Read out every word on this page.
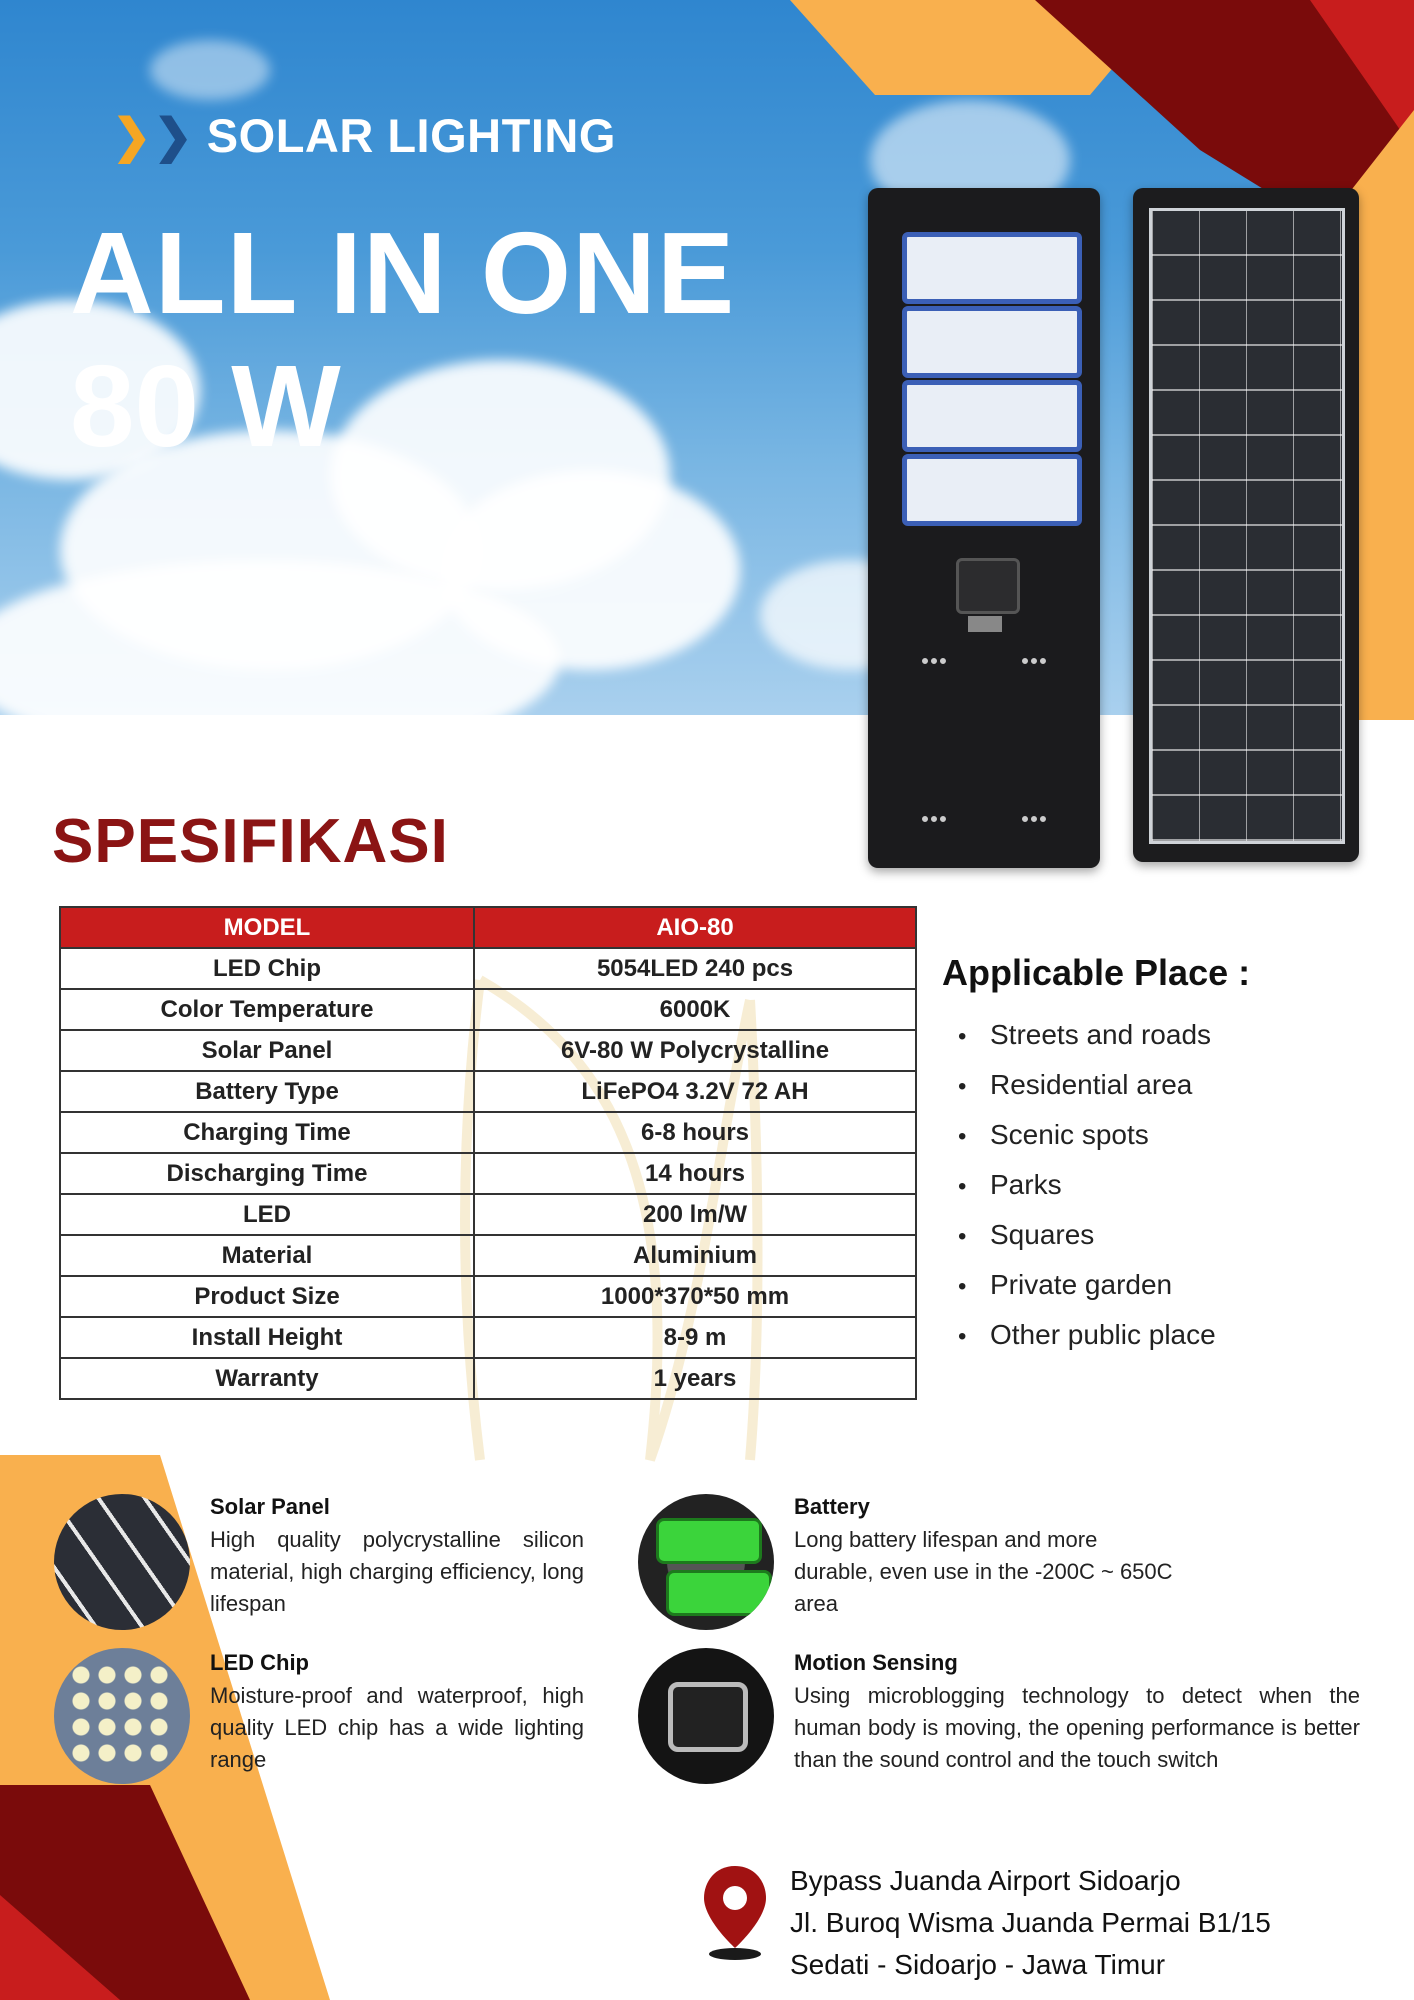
❯ ❯ SOLAR LIGHTING
ALL IN ONE
80 W
SPESIFIKASI
MODEL	AIO-80
LED Chip	5054LED 240 pcs
Color Temperature	6000K
Solar Panel	6V-80 W Polycrystalline
Battery Type	LiFePO4 3.2V 72 AH
Charging Time	6-8 hours
Discharging Time	14 hours
LED	200 lm/W
Material	Aluminium
Product Size	1000*370*50 mm
Install Height	8-9 m
Warranty	1 years
Applicable Place :
• Streets and roads
• Residential area
• Scenic spots
• Parks
• Squares
• Private garden
• Other public place
Solar Panel
High quality polycrystalline silicon material, high charging efficiency, long lifespan
Battery
Long battery lifespan and more durable, even use in the -200C ~ 650C area
LED Chip
Moisture-proof and waterproof, high quality LED chip has a wide lighting range
Motion Sensing
Using microblogging technology to detect when the human body is moving, the opening performance is better than the sound control and the touch switch
Bypass Juanda Airport Sidoarjo
Jl. Buroq Wisma Juanda Permai B1/15
Sedati - Sidoarjo - Jawa Timur
